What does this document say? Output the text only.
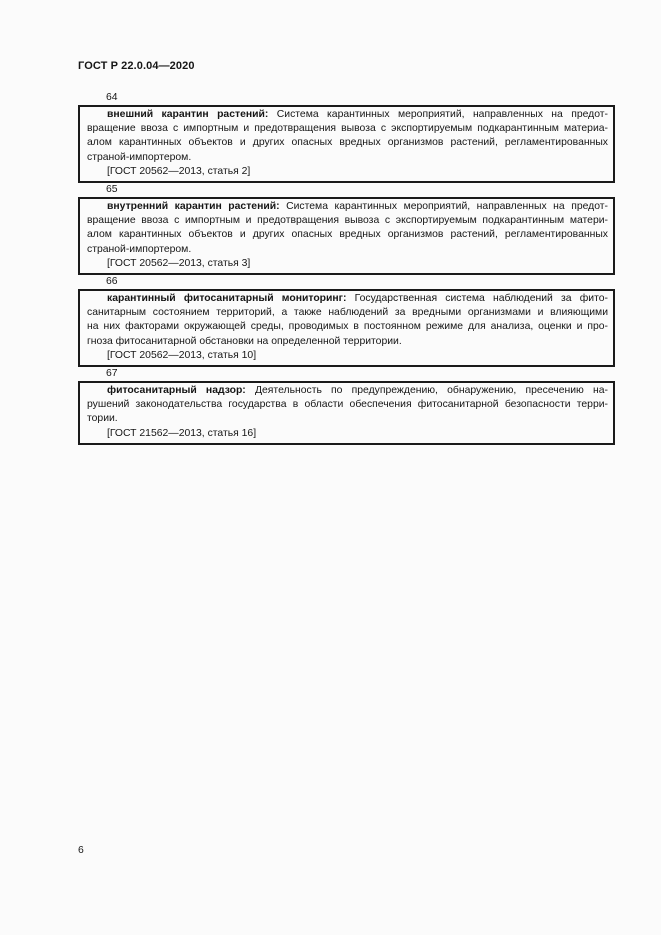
ГОСТ Р 22.0.04—2020
64
внешний карантин растений: Система карантинных мероприятий, направленных на предот-
вращение ввоза с импортным и предотвращения вывоза с экспортируемым подкарантинным материа-
алом карантинных объектов и других опасных вредных организмов растений, регламентированных
страной-импортером.
[ГОСТ 20562—2013, статья 2]
65
внутренний карантин растений: Система карантинных мероприятий, направленных на предот-
вращение ввоза с импортным и предотвращения вывоза с экспортируемым подкарантинным матери-
алом карантинных объектов и других опасных вредных организмов растений, регламентированных
страной-импортером.
[ГОСТ 20562—2013, статья 3]
66
карантинный фитосанитарный мониторинг: Государственная система наблюдений за фито-
санитарным состоянием территорий, а также наблюдений за вредными организмами и влияющими
на них факторами окружающей среды, проводимых в постоянном режиме для анализа, оценки и про-
гноза фитосанитарной обстановки на определенной территории.
[ГОСТ 20562—2013, статья 10]
67
фитосанитарный надзор: Деятельность по предупреждению, обнаружению, пресечению на-
рушений законодательства государства в области обеспечения фитосанитарной безопасности терри-
тории.
[ГОСТ 21562—2013, статья 16]
6
